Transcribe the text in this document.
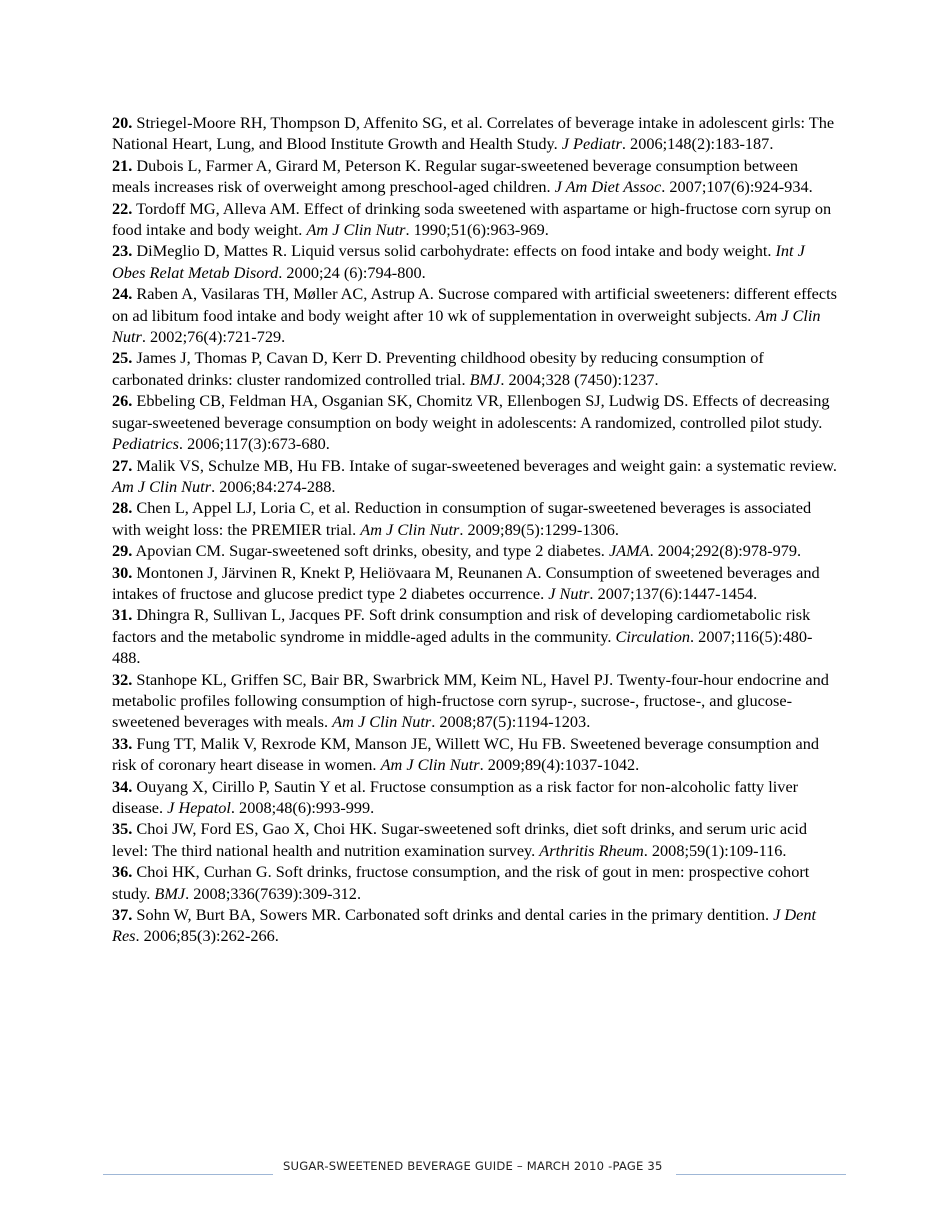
20. Striegel-Moore RH, Thompson D, Affenito SG, et al. Correlates of beverage intake in adolescent girls: The National Heart, Lung, and Blood Institute Growth and Health Study. J Pediatr. 2006;148(2):183-187.

21. Dubois L, Farmer A, Girard M, Peterson K. Regular sugar-sweetened beverage consumption between meals increases risk of overweight among preschool-aged children. J Am Diet Assoc. 2007;107(6):924-934.

22. Tordoff MG, Alleva AM. Effect of drinking soda sweetened with aspartame or high-fructose corn syrup on food intake and body weight. Am J Clin Nutr. 1990;51(6):963-969.

23. DiMeglio D, Mattes R. Liquid versus solid carbohydrate: effects on food intake and body weight. Int J Obes Relat Metab Disord. 2000;24 (6):794-800.

24. Raben A, Vasilaras TH, Møller AC, Astrup A. Sucrose compared with artificial sweeteners: different effects on ad libitum food intake and body weight after 10 wk of supplementation in overweight subjects. Am J Clin Nutr. 2002;76(4):721-729.

25. James J, Thomas P, Cavan D, Kerr D. Preventing childhood obesity by reducing consumption of carbonated drinks: cluster randomized controlled trial. BMJ. 2004;328 (7450):1237.

26. Ebbeling CB, Feldman HA, Osganian SK, Chomitz VR, Ellenbogen SJ, Ludwig DS. Effects of decreasing sugar-sweetened beverage consumption on body weight in adolescents: A randomized, controlled pilot study. Pediatrics. 2006;117(3):673-680.

27. Malik VS, Schulze MB, Hu FB. Intake of sugar-sweetened beverages and weight gain: a systematic review. Am J Clin Nutr. 2006;84:274-288.

28. Chen L, Appel LJ, Loria C, et al. Reduction in consumption of sugar-sweetened beverages is associated with weight loss: the PREMIER trial. Am J Clin Nutr. 2009;89(5):1299-1306.

29. Apovian CM. Sugar-sweetened soft drinks, obesity, and type 2 diabetes. JAMA. 2004;292(8):978-979.

30. Montonen J, Järvinen R, Knekt P, Heliövaara M, Reunanen A. Consumption of sweetened beverages and intakes of fructose and glucose predict type 2 diabetes occurrence. J Nutr. 2007;137(6):1447-1454.

31. Dhingra R, Sullivan L, Jacques PF. Soft drink consumption and risk of developing cardiometabolic risk factors and the metabolic syndrome in middle-aged adults in the community. Circulation. 2007;116(5):480-488.

32. Stanhope KL, Griffen SC, Bair BR, Swarbrick MM, Keim NL, Havel PJ. Twenty-four-hour endocrine and metabolic profiles following consumption of high-fructose corn syrup-, sucrose-, fructose-, and glucose-sweetened beverages with meals. Am J Clin Nutr. 2008;87(5):1194-1203.

33. Fung TT, Malik V, Rexrode KM, Manson JE, Willett WC, Hu FB. Sweetened beverage consumption and risk of coronary heart disease in women. Am J Clin Nutr. 2009;89(4):1037-1042.

34. Ouyang X, Cirillo P, Sautin Y et al. Fructose consumption as a risk factor for non-alcoholic fatty liver disease. J Hepatol. 2008;48(6):993-999.

35. Choi JW, Ford ES, Gao X, Choi HK. Sugar-sweetened soft drinks, diet soft drinks, and serum uric acid level: The third national health and nutrition examination survey. Arthritis Rheum. 2008;59(1):109-116.

36. Choi HK, Curhan G. Soft drinks, fructose consumption, and the risk of gout in men: prospective cohort study. BMJ. 2008;336(7639):309-312.

37. Sohn W, Burt BA, Sowers MR. Carbonated soft drinks and dental caries in the primary dentition. J Dent Res. 2006;85(3):262-266.

SUGAR-SWEETENED BEVERAGE GUIDE – MARCH 2010 -PAGE 35
